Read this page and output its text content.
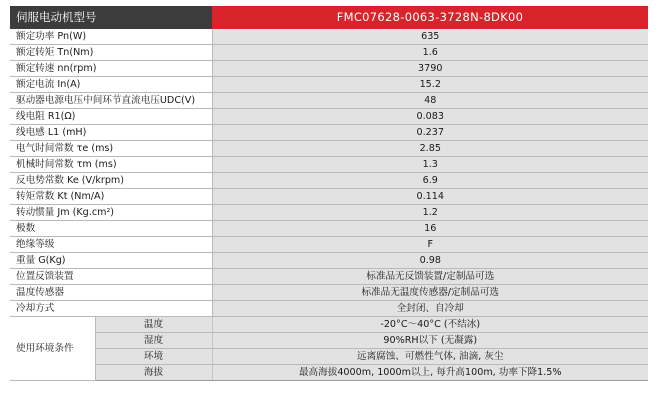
伺服电动机型号		FMC07628-0063-3728N-8DK00
额定功率 Pn(W)		635
额定转矩 Tn(Nm)		1.6
额定转速 nn(rpm)		3790
额定电流 In(A)		15.2
驱动器电源电压中间环节直流电压UDC(V)		48
线电阻 R1(Ω)		0.083
线电感 L1 (mH)		0.237
电气时间常数 τe (ms)		2.85
机械时间常数 τm (ms)		1.3
反电势常数 Ke (V/krpm)		6.9
转矩常数 Kt (Nm/A)		0.114
转动惯量 Jm (Kg.cm²)		1.2
极数		16
绝缘等级		F
重量 G(Kg)		0.98
位置反馈装置		标准品无反馈装置/定制品可选
温度传感器		标准品无温度传感器/定制品可选
冷却方式		全封闭、自冷却
使用环境条件	温度	-20°C～40°C (不结冰)
	湿度	90%RH以下 (无凝露)
	环境	远离腐蚀、可燃性气体, 油滴, 灰尘
	海拔	最高海拔4000m, 1000m以上, 每升高100m, 功率下降1.5%
